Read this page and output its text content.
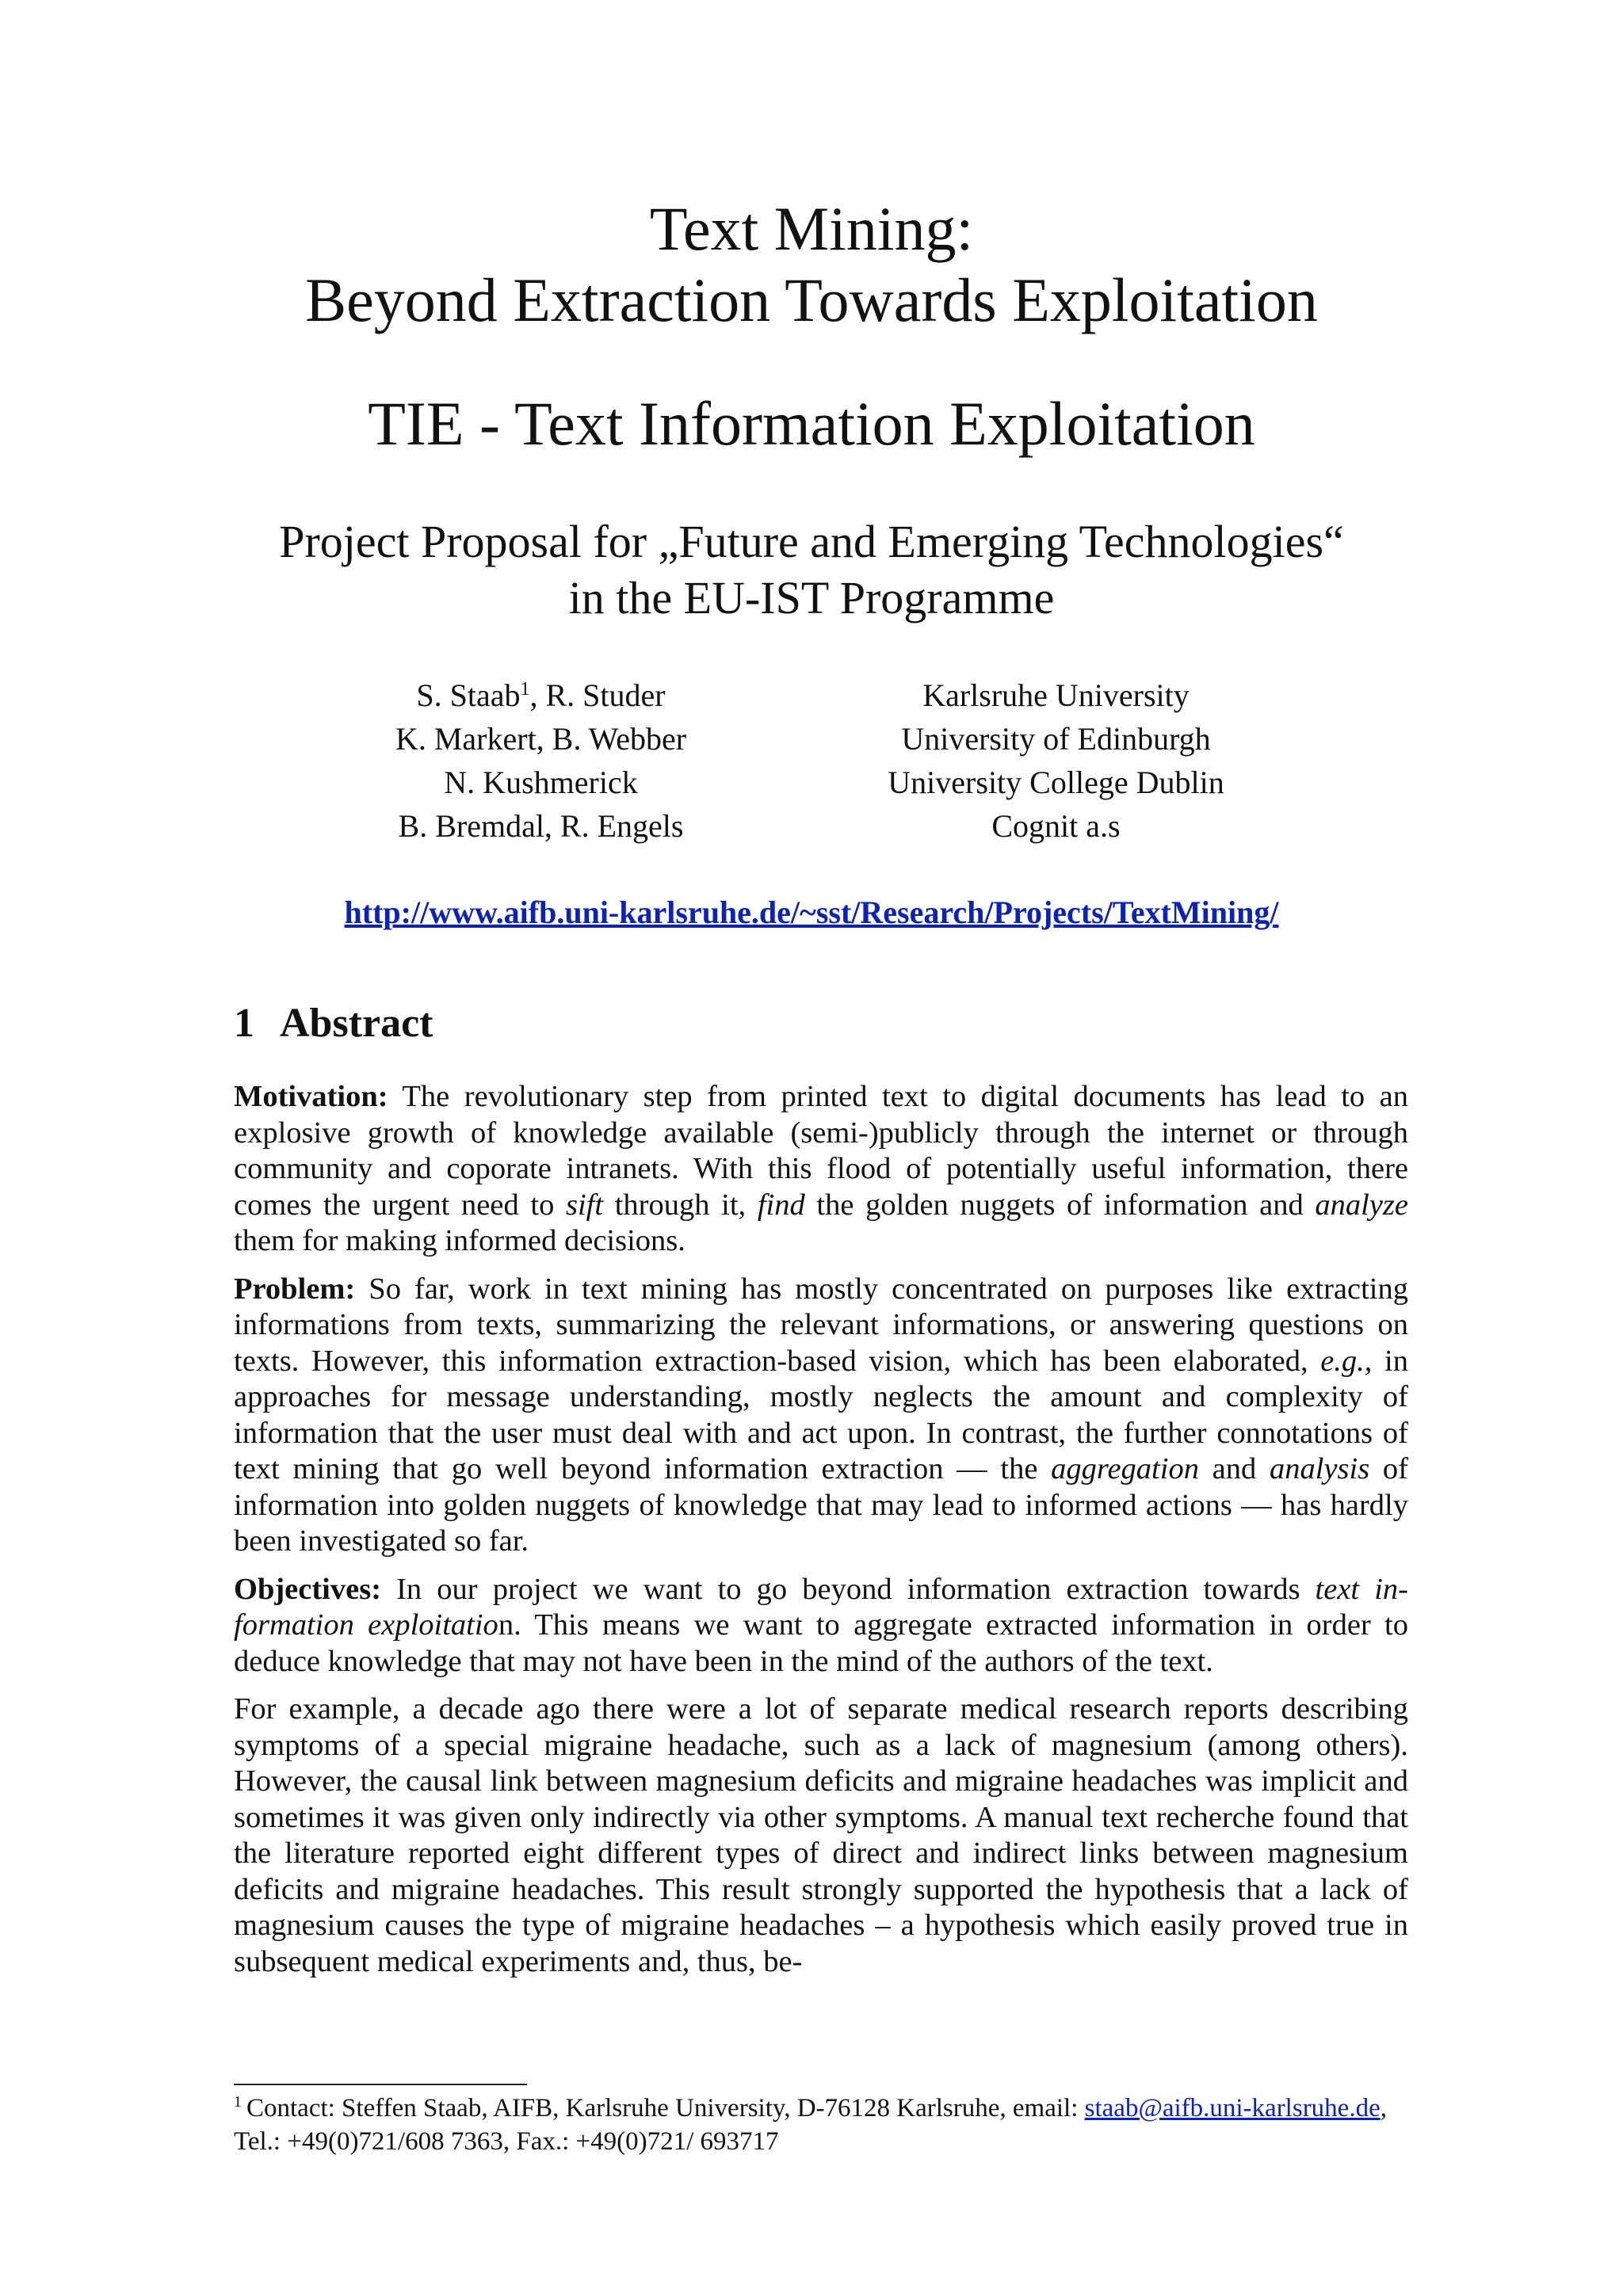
Text Mining:
Beyond Extraction Towards Exploitation
TIE - Text Information Exploitation
Project Proposal for „Future and Emerging Technologies“
in the EU-IST Programme
S. Staab$^1$, R. Studer	Karlsruhe University
K. Markert, B. Webber	University of Edinburgh
N. Kushmerick	University College Dublin
B. Bremdal, R. Engels	Cognit a.s
http://www.aifb.uni-karlsruhe.de/~sst/Research/Projects/TextMining/
1 Abstract

Motivation: The revolutionary step from printed text to digital documents has lead to an explosive growth of knowledge available (semi-)publicly through the internet or through community and coporate intranets. With this flood of potentially useful information, there comes the urgent need to sift through it, find the golden nuggets of information and analyze them for making informed decisions.

Problem: So far, work in text mining has mostly concentrated on purposes like extracting informations from texts, summarizing the relevant informations, or answering questions on texts. However, this information extraction-based vision, which has been elaborated, e.g., in approaches for message understanding, mostly neglects the amount and complexity of information that the user must deal with and act upon. In contrast, the further connotations of text mining that go well beyond information extraction — the aggregation and analysis of information into golden nuggets of knowledge that may lead to informed actions — has hardly been investigated so far.

Objectives: In our project we want to go beyond information extraction towards text information exploitation. This means we want to aggregate extracted information in order to deduce knowledge that may not have been in the mind of the authors of the text.

For example, a decade ago there were a lot of separate medical research reports describing symptoms of a special migraine headache, such as a lack of magnesium (among others). However, the causal link between magnesium deficits and migraine headaches was implicit and sometimes it was given only indirectly via other symptoms. A manual text recherche found that the literature reported eight different types of direct and indirect links between magnesium deficits and migraine headaches. This result strongly supported the hypothesis that a lack of magnesium causes the type of migraine headaches – a hypothesis which easily proved true in subsequent medical experiments and, thus, be-

$^1$ Contact: Steffen Staab, AIFB, Karlsruhe University, D-76128 Karlsruhe, email: staab@aifb.uni-karlsruhe.de, Tel.: +49(0)721/608 7363, Fax.: +49(0)721/ 693717
